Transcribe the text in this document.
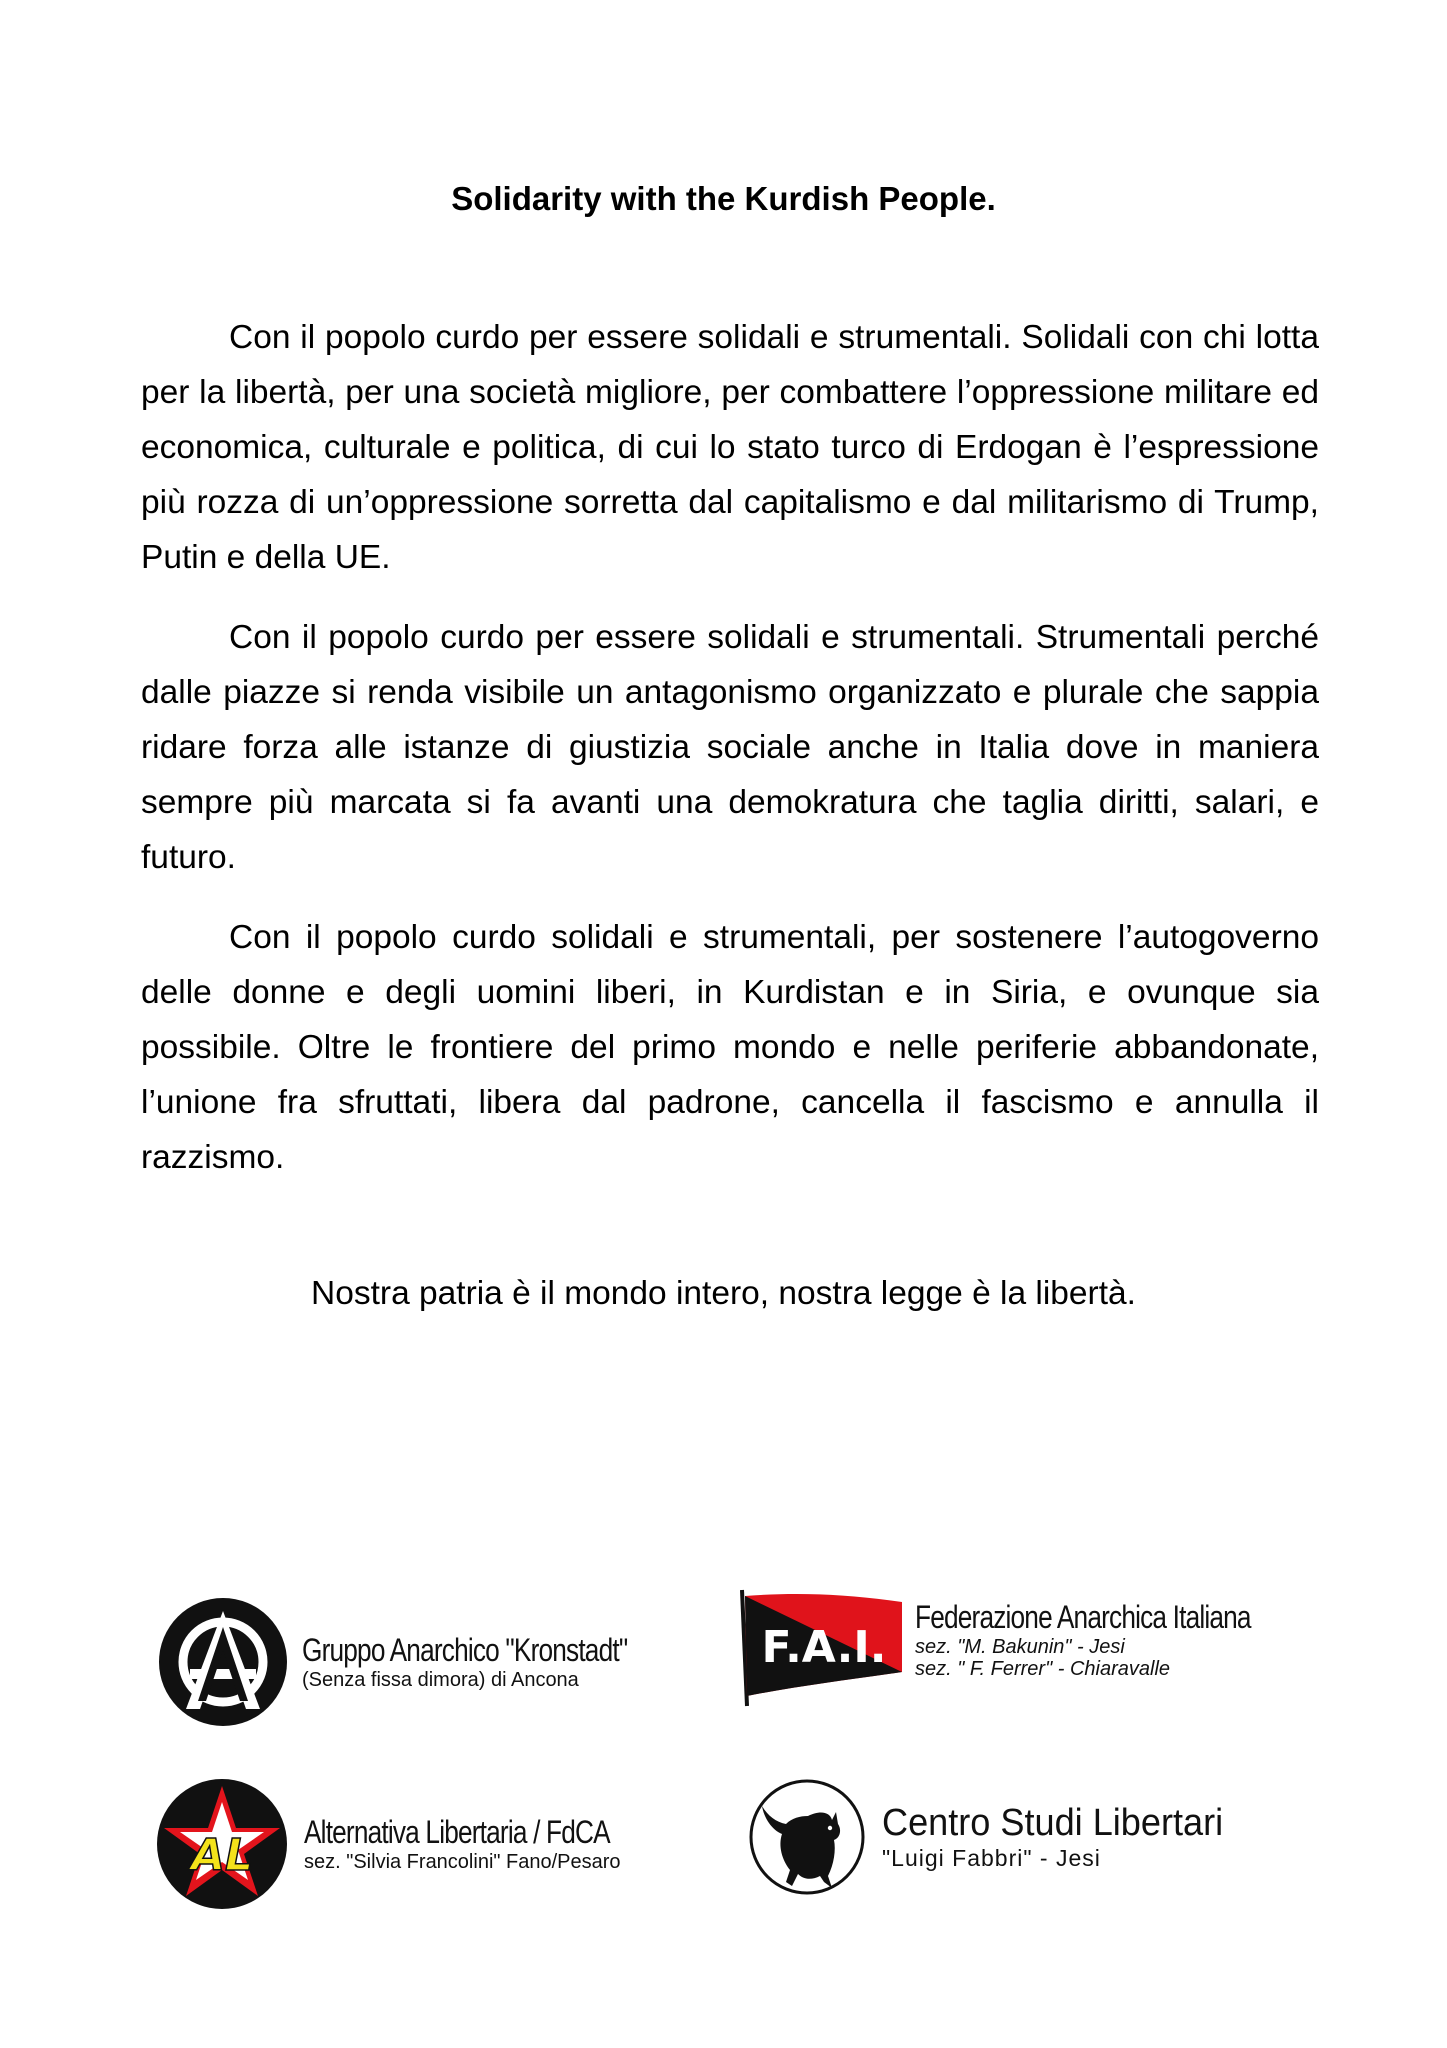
Solidarity with the Kurdish People.

Con il popolo curdo per essere solidali e strumentali. Solidali con chi lotta per la libertà, per una società migliore, per combattere l’oppressione militare ed economica, culturale e politica, di cui lo stato turco di Erdogan è l’espressione più rozza di un’oppressione sorretta dal capitalismo e dal militarismo di Trump, Putin e della UE.

Con il popolo curdo per essere solidali e strumentali. Strumentali perché dalle piazze si renda visibile un antagonismo organizzato e plurale che sappia ridare forza alle istanze di giustizia sociale anche in Italia dove in maniera sempre più marcata si fa avanti una demokratura che taglia diritti, salari, e futuro.

Con il popolo curdo solidali e strumentali, per sostenere l’autogoverno delle donne e degli uomini liberi, in Kurdistan e in Siria, e ovunque sia possibile. Oltre le frontiere del primo mondo e nelle periferie abbandonate, l’unione fra sfruttati, libera dal padrone, cancella il fascismo e annulla il razzismo.

Nostra patria è il mondo intero, nostra legge è la libertà.
Gruppo Anarchico "Kronstadt"
(Senza fissa dimora) di Ancona
F.A.I.
Federazione Anarchica Italiana
sez. "M. Bakunin" - Jesi
sez. " F. Ferrer" - Chiaravalle
AL Alternativa Libertaria / FdCA
sez. "Silvia Francolini" Fano/Pesaro
Centro Studi Libertari
"Luigi Fabbri" - Jesi
